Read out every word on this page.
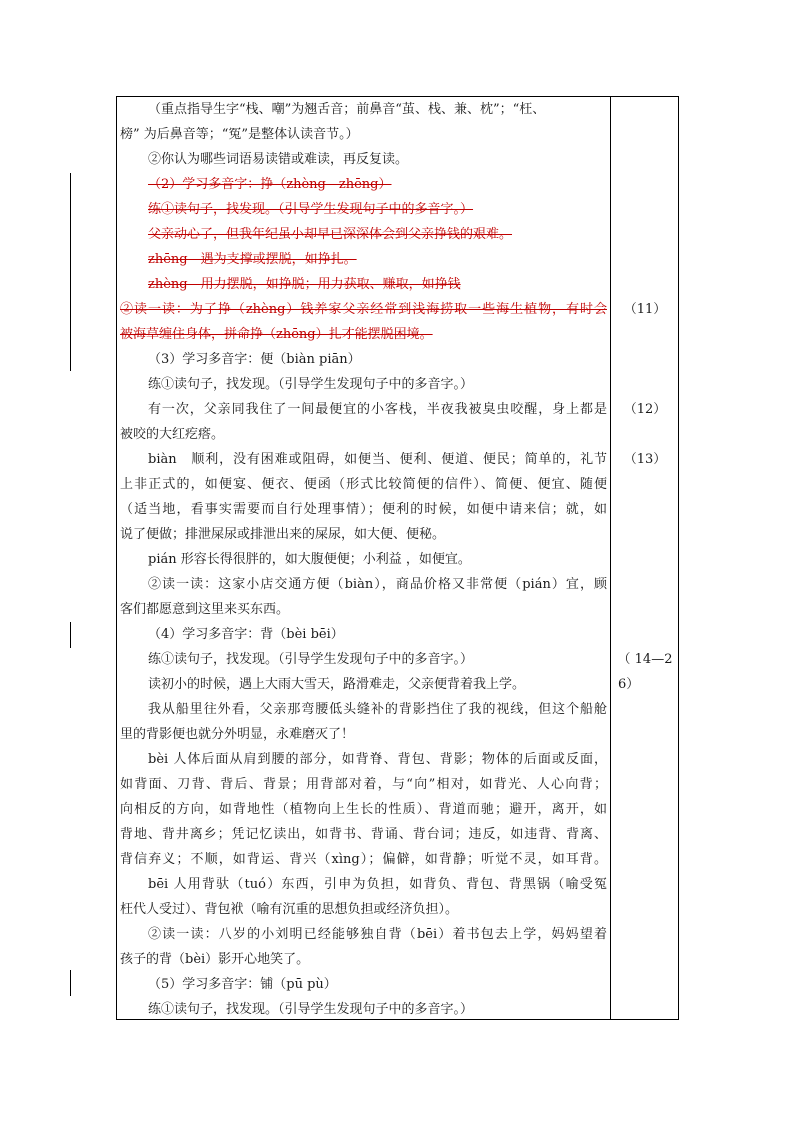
（重点指导生字“栈、嘲”为翘舌音；前鼻音“茧、栈、兼、枕”；“枉、
榜” 为后鼻音等；“冤”是整体认读音节。）
②你认为哪些词语易读错或难读，再反复读。
（2）学习多音字：挣（zhèng　zhēng）
练①读句子，找发现。（引导学生发现句子中的多音字。）
父亲动心了，但我年纪虽小却早已深深体会到父亲挣钱的艰难。
zhēng　遇为支撑或摆脱，如挣扎。
zhèng　用力摆脱，如挣脱；用力获取、赚取，如挣钱
②读一读：为了挣（zhèng）钱养家父亲经常到浅海捞取一些海生植物，有时会
被海草缠住身体，拼命挣（zhēng）扎才能摆脱困境。
（3）学习多音字：便（biàn piān）
练①读句子，找发现。（引导学生发现句子中的多音字。）
有一次，父亲同我住了一间最便宜的小客栈，半夜我被臭虫咬醒，身上都是
被咬的大红疙瘩。
biàn　顺利，没有困难或阻碍，如便当、便利、便道、便民；简单的，礼节
上非正式的，如便宴、便衣、便函（形式比较简便的信件）、简便、便宜、随便
（适当地，看事实需要而自行处理事情）；便利的时候，如便中请来信；就，如
说了便做；排泄屎尿或排泄出来的屎尿，如大便、便秘。
pián 形容长得很胖的，如大腹便便；小利益 ，如便宜。
②读一读：这家小店交通方便（biàn），商品价格又非常便（pián）宜，顾
客们都愿意到这里来买东西。
（4）学习多音字：背（bèi bēi）
练①读句子，找发现。（引导学生发现句子中的多音字。）
读初小的时候，遇上大雨大雪天，路滑难走，父亲便背着我上学。
我从船里往外看，父亲那弯腰低头缝补的背影挡住了我的视线，但这个船舱
里的背影便也就分外明显，永难磨灭了！
bèi 人体后面从肩到腰的部分，如背脊、背包、背影；物体的后面或反面，
如背面、刀背、背后、背景；用背部对着，与“向”相对，如背光、人心向背；
向相反的方向，如背地性（植物向上生长的性质）、背道而驰；避开，离开，如
背地、背井离乡；凭记忆读出，如背书、背诵、背台词；违反，如违背、背离、
背信弃义；不顺，如背运、背兴（xìng）；偏僻，如背静；听觉不灵，如耳背。
bēi 人用背驮（tuó）东西，引申为负担，如背负、背包、背黑锅（喻受冤
枉代人受过）、背包袱（喻有沉重的思想负担或经济负担）。
②读一读：八岁的小刘明已经能够独自背（bēi）着书包去上学，妈妈望着
孩子的背（bèi）影开心地笑了。
（5）学习多音字：铺（pū pù）
练①读句子，找发现。（引导学生发现句子中的多音字。）
（11）
（12）
（13）
（ 14—2
6）
